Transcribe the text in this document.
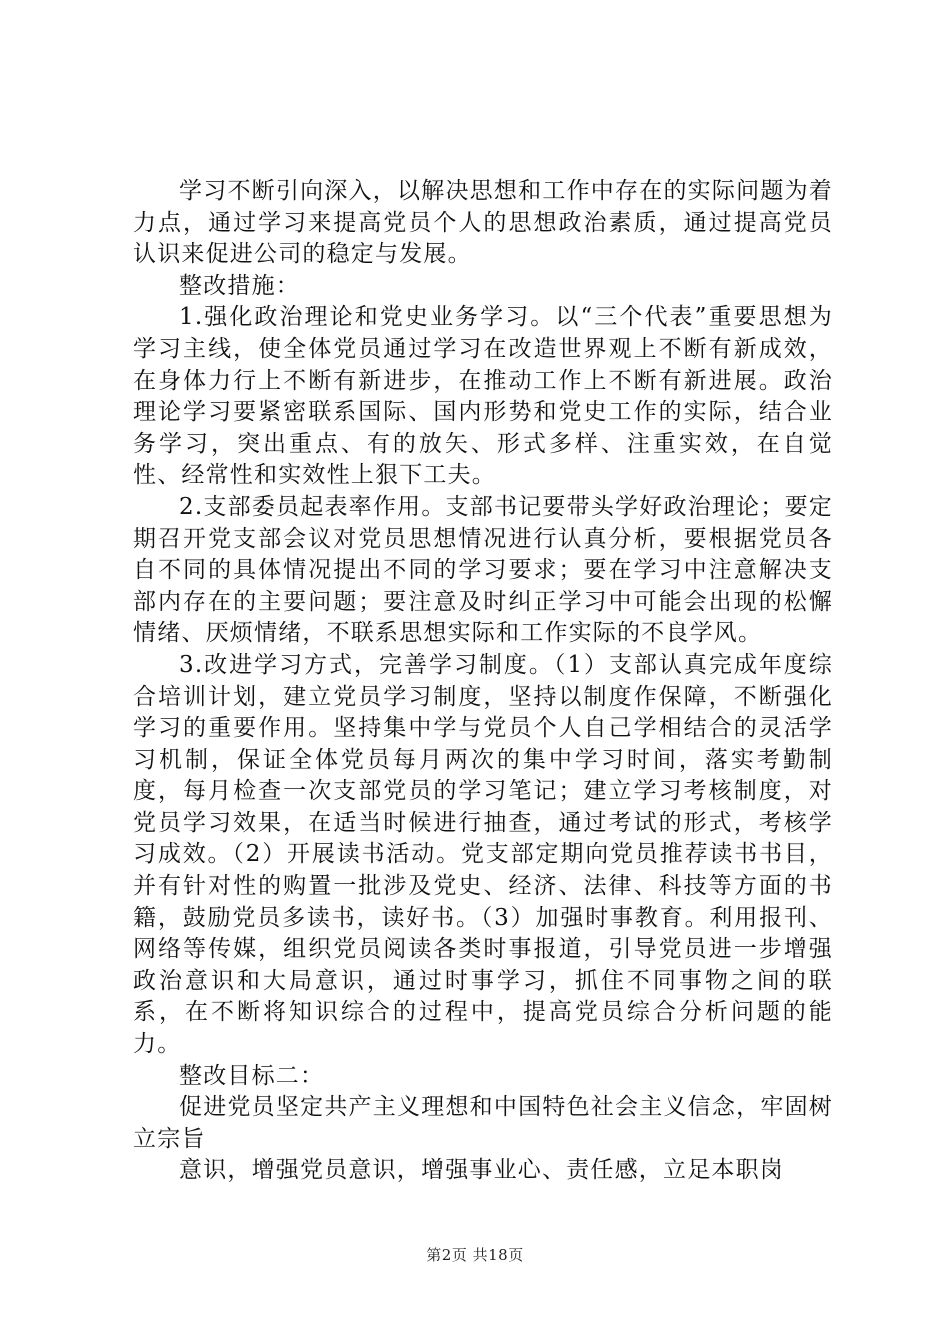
学习不断引向深入，以解决思想和工作中存在的实际问题为着力点，通过学习来提高党员个人的思想政治素质，通过提高党员认识来促进公司的稳定与发展。

整改措施：

1.强化政治理论和党史业务学习。以“三个代表”重要思想为学习主线，使全体党员通过学习在改造世界观上不断有新成效，在身体力行上不断有新进步，在推动工作上不断有新进展。政治理论学习要紧密联系国际、国内形势和党史工作的实际，结合业务学习，突出重点、有的放矢、形式多样、注重实效，在自觉性、经常性和实效性上狠下工夫。

2.支部委员起表率作用。支部书记要带头学好政治理论；要定期召开党支部会议对党员思想情况进行认真分析，要根据党员各自不同的具体情况提出不同的学习要求；要在学习中注意解决支部内存在的主要问题；要注意及时纠正学习中可能会出现的松懈情绪、厌烦情绪，不联系思想实际和工作实际的不良学风。

3.改进学习方式，完善学习制度。（1）支部认真完成年度综合培训计划，建立党员学习制度，坚持以制度作保障，不断强化学习的重要作用。坚持集中学与党员个人自己学相结合的灵活学习机制，保证全体党员每月两次的集中学习时间，落实考勤制度，每月检查一次支部党员的学习笔记；建立学习考核制度，对党员学习效果，在适当时候进行抽查，通过考试的形式，考核学习成效。（2）开展读书活动。党支部定期向党员推荐读书书目，并有针对性的购置一批涉及党史、经济、法律、科技等方面的书籍，鼓励党员多读书，读好书。（3）加强时事教育。利用报刊、网络等传媒，组织党员阅读各类时事报道，引导党员进一步增强政治意识和大局意识，通过时事学习，抓住不同事物之间的联系，在不断将知识综合的过程中，提高党员综合分析问题的能力。

整改目标二：

促进党员坚定共产主义理想和中国特色社会主义信念，牢固树立宗旨

意识，增强党员意识，增强事业心、责任感，立足本职岗

第2页 共18页
